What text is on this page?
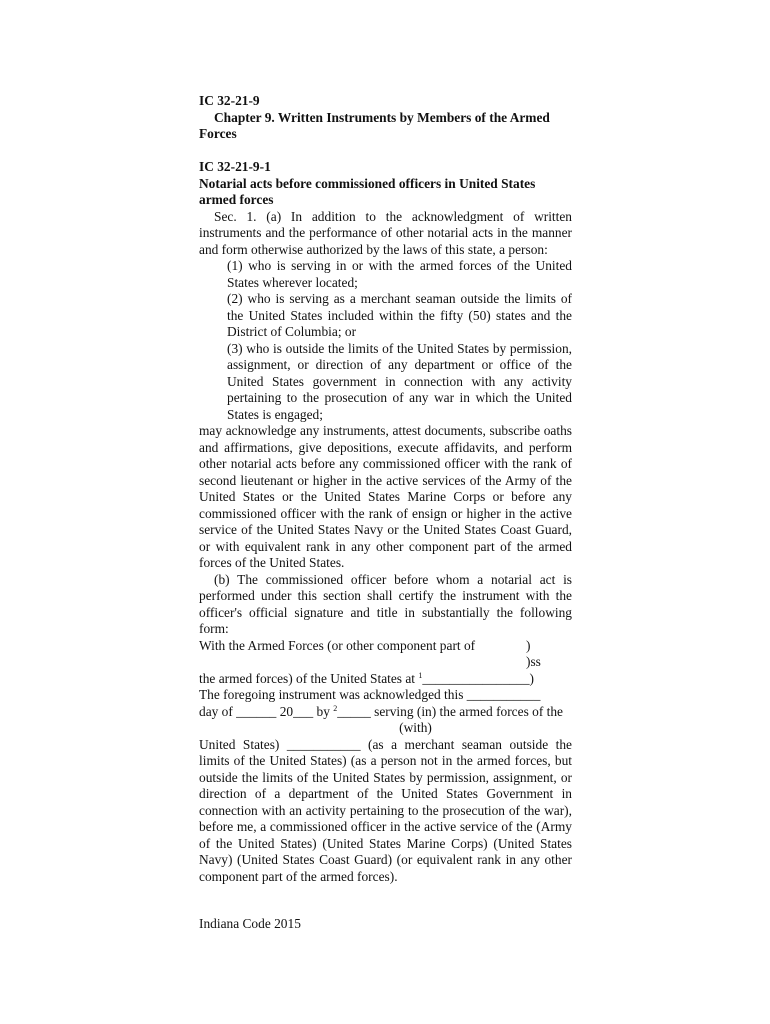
IC 32-21-9
Chapter 9. Written Instruments by Members of the Armed Forces
IC 32-21-9-1
Notarial acts before commissioned officers in United States armed forces
Sec. 1. (a) In addition to the acknowledgment of written instruments and the performance of other notarial acts in the manner and form otherwise authorized by the laws of this state, a person:
(1) who is serving in or with the armed forces of the United States wherever located;
(2) who is serving as a merchant seaman outside the limits of the United States included within the fifty (50) states and the District of Columbia; or
(3) who is outside the limits of the United States by permission, assignment, or direction of any department or office of the United States government in connection with any activity pertaining to the prosecution of any war in which the United States is engaged;
may acknowledge any instruments, attest documents, subscribe oaths and affirmations, give depositions, execute affidavits, and perform other notarial acts before any commissioned officer with the rank of second lieutenant or higher in the active services of the Army of the United States or the United States Marine Corps or before any commissioned officer with the rank of ensign or higher in the active service of the United States Navy or the United States Coast Guard, or with equivalent rank in any other component part of the armed forces of the United States.
(b) The commissioned officer before whom a notarial act is performed under this section shall certify the instrument with the officer's official signature and title in substantially the following form:
With the Armed Forces (or other component part of	)
)ss
the armed forces) of the United States at $^1$________________)
The foregoing instrument was acknowledged this ___________
day of ______ 20___ by $^2$_____ serving (in) the armed forces of the
(with)
United States) ___________ (as a merchant seaman outside the limits of the United States) (as a person not in the armed forces, but outside the limits of the United States by permission, assignment, or direction of a department of the United States Government in connection with an activity pertaining to the prosecution of the war), before me, a commissioned officer in the active service of the (Army of the United States) (United States Marine Corps) (United States Navy) (United States Coast Guard) (or equivalent rank in any other component part of the armed forces).
Indiana Code 2015
